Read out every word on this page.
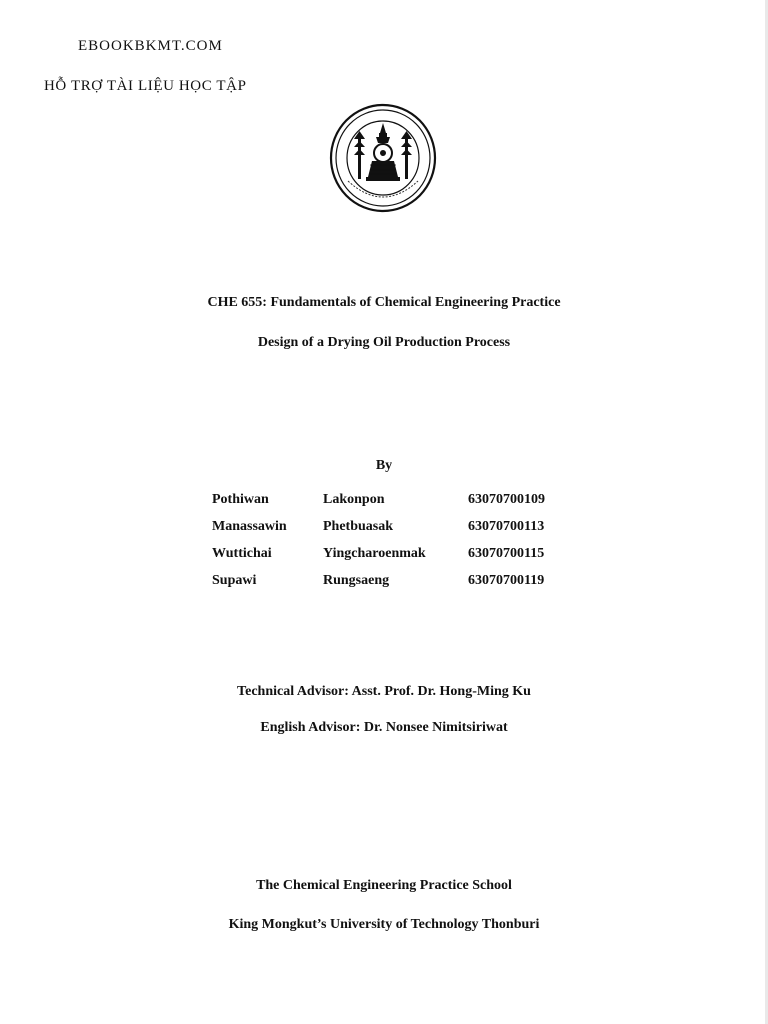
EBOOKBKMT.COM
HỖ TRỢ TÀI LIỆU HỌC TẬP
CHE 655: Fundamentals of Chemical Engineering Practice
Design of a Drying Oil Production Process
By
Pothiwan	Lakonpon	63070700109
Manassawin	Phetbuasak	63070700113
Wuttichai	Yingcharoenmak	63070700115
Supawi	Rungsaeng	63070700119
Technical Advisor: Asst. Prof. Dr. Hong-Ming Ku
English Advisor: Dr. Nonsee Nimitsiriwat
The Chemical Engineering Practice School
King Mongkut’s University of Technology Thonburi
